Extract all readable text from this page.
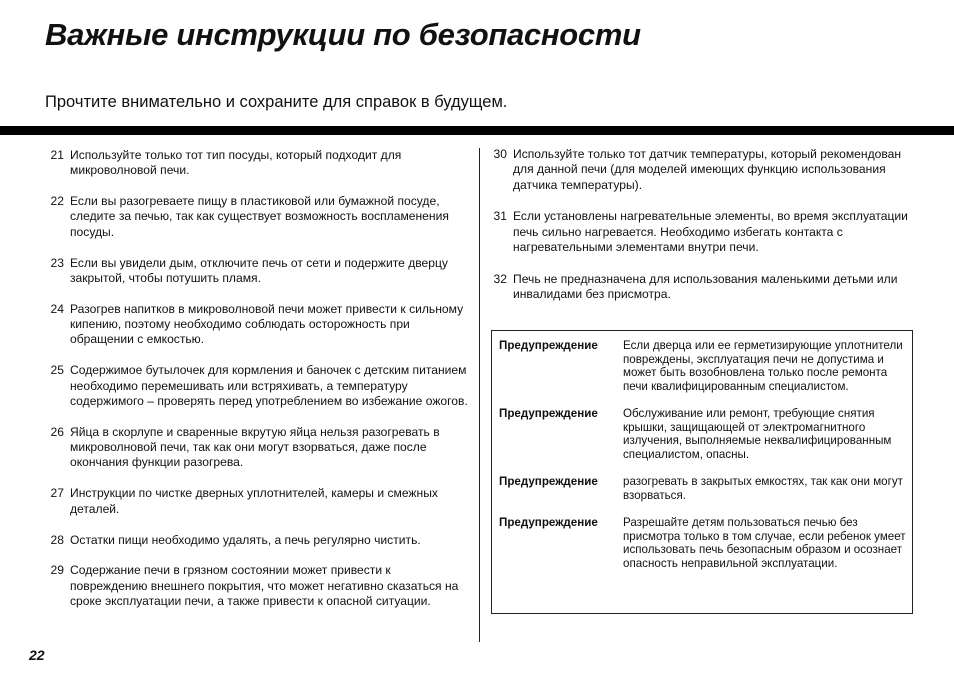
Важные инструкции по безопасности

Прочтите внимательно и сохраните для справок в будущем.

21 Используйте только тот тип посуды, который подходит для микроволновой печи.
22 Если вы разогреваете пищу в пластиковой или бумажной посуде, следите за печью, так как существует возможность воспламенения посуды.
23 Если вы увидели дым, отключите печь от сети и подержите дверцу закрытой, чтобы потушить пламя.
24 Разогрев напитков в микроволновой печи может привести к сильному кипению, поэтому необходимо соблюдать осторожность при обращении с емкостью.
25 Содержимое бутылочек для кормления и баночек с детским питанием необходимо перемешивать или встряхивать, а температуру содержимого – проверять перед употреблением во избежание ожогов.
26 Яйца в скорлупе и сваренные вкрутую яйца нельзя разогревать в микроволновой печи, так как они могут взорваться, даже после окончания функции разогрева.
27 Инструкции по чистке дверных уплотнителей, камеры и смежных деталей.
28 Остатки пищи необходимо удалять, а печь регулярно чистить.
29 Содержание печи в грязном состоянии может привести к повреждению внешнего покрытия, что может негативно сказаться на сроке эксплуатации печи, а также привести к опасной ситуации.
30 Используйте только тот датчик температуры, который рекомендован для данной печи (для моделей имеющих функцию использования датчика температуры).
31 Если установлены нагревательные элементы, во время эксплуатации печь сильно нагревается. Необходимо избегать контакта с нагревательными элементами внутри печи.
32 Печь не предназначена для использования маленькими детьми или инвалидами без присмотра.
Предупреждение	Если дверца или ее герметизирующие уплотнители повреждены, эксплуатация печи не допустима и может быть возобновлена только после ремонта печи квалифицированным специалистом.
Предупреждение	Обслуживание или ремонт, требующие снятия крышки, защищающей от электромагнитного излучения, выполняемые неквалифицированным специалистом, опасны.
Предупреждение	разогревать в закрытых емкостях, так как они могут взорваться.
Предупреждение	Разрешайте детям пользоваться печью без присмотра только в том случае, если ребенок умеет использовать печь безопасным образом и осознает опасность неправильной эксплуатации.
22
